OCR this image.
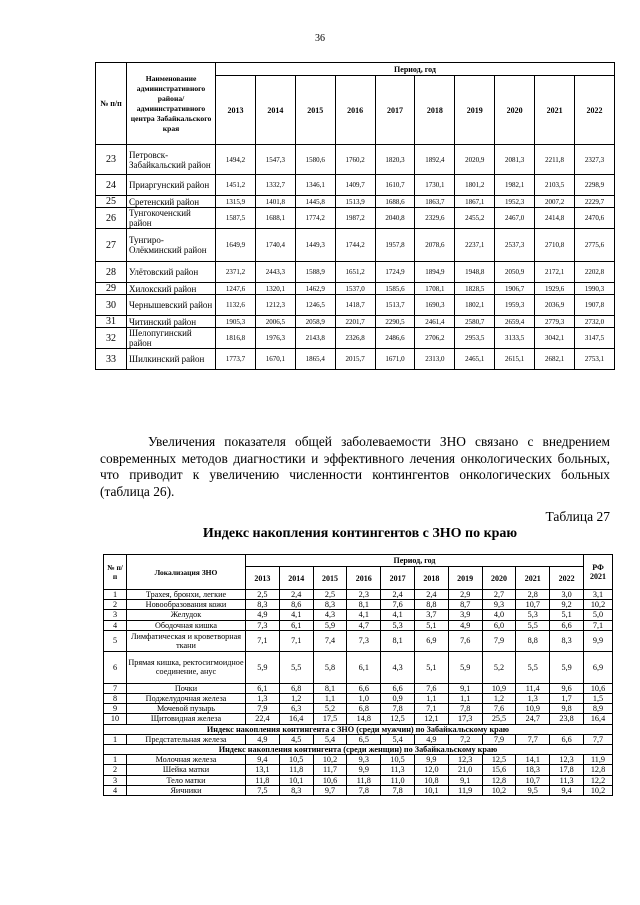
36
№ п/п	Наименование административного района/ административного центра Забайкальского края	Период, год									
		2013	2014	2015	2016	2017	2018	2019	2020	2021	2022
23	Петровск-Забайкальский район	1494,2	1547,3	1580,6	1760,2	1820,3	1892,4	2020,9	2081,3	2211,8	2327,3
24	Приаргунский район	1451,2	1332,7	1346,1	1409,7	1610,7	1730,1	1801,2	1982,1	2103,5	2298,9
25	Сретенский район	1315,9	1401,8	1445,8	1513,9	1688,6	1863,7	1867,1	1952,3	2007,2	2229,7
26	Тунгокоченский район	1587,5	1688,1	1774,2	1987,2	2040,8	2329,6	2455,2	2467,0	2414,8	2470,6
27	Тунгиро-Олёкминский район	1649,9	1740,4	1449,3	1744,2	1957,8	2078,6	2237,1	2537,3	2710,8	2775,6
28	Улётовский район	2371,2	2443,3	1588,9	1651,2	1724,9	1894,9	1948,8	2050,9	2172,1	2202,8
29	Хилокский район	1247,6	1320,1	1462,9	1537,0	1585,6	1708,1	1828,5	1906,7	1929,6	1990,3
30	Чернышевский район	1132,6	1212,3	1246,5	1418,7	1513,7	1690,3	1802,1	1959,3	2036,9	1907,8
31	Читинский район	1905,3	2006,5	2058,9	2201,7	2290,5	2461,4	2580,7	2659,4	2779,3	2732,0
32	Шелопугинский район	1816,8	1976,3	2143,8	2326,8	2486,6	2706,2	2953,5	3133,5	3042,1	3147,5
33	Шилкинский район	1773,7	1670,1	1865,4	2015,7	1671,0	2313,0	2465,1	2615,1	2682,1	2753,1
Увеличения показателя общей заболеваемости ЗНО связано с внедрением современных методов диагностики и эффективного лечения онкологических больных, что приводит к увеличению численности контингентов онкологических больных (таблица 26).
Таблица 27
Индекс накопления контингентов с ЗНО по краю
№ п/п	Локализация ЗНО	Период, год										РФ 2021
		2013	2014	2015	2016	2017	2018	2019	2020	2021	2022	
1	Трахея, бронхи, легкие	2,5	2,4	2,5	2,3	2,4	2,4	2,9	2,7	2,8	3,0	3,1
2	Новообразования кожи	8,3	8,6	8,3	8,1	7,6	8,8	8,7	9,3	10,7	9,2	10,2
3	Желудок	4,9	4,1	4,3	4,1	4,1	3,7	3,9	4,0	5,3	5,1	5,0
4	Ободочная кишка	7,3	6,1	5,9	4,7	5,3	5,1	4,9	6,0	5,5	6,6	7,1
5	Лимфатическая и кроветворная ткани	7,1	7,1	7,4	7,3	8,1	6,9	7,6	7,9	8,8	8,3	9,9
6	Прямая кишка, ректосигмоидное соединение, анус	5,9	5,5	5,8	6,1	4,3	5,1	5,9	5,2	5,5	5,9	6,9
7	Почки	6,1	6,8	8,1	6,6	6,6	7,6	9,1	10,9	11,4	9,6	10,6
8	Поджелудочная железа	1,3	1,2	1,1	1,0	0,9	1,1	1,1	1,2	1,3	1,7	1,5
9	Мочевой пузырь	7,9	6,3	5,2	6,8	7,8	7,1	7,8	7,6	10,9	9,8	8,9
10	Щитовидная железа	22,4	16,4	17,5	14,8	12,5	12,1	17,3	25,5	24,7	23,8	16,4
Индекс накопления контингента с ЗНО (среди мужчин) по Забайкальскому краю												
1	Предстательная железа	4,9	4,5	5,4	6,5	5,4	4,9	7,2	7,9	7,7	6,6	7,7
Индекс накопления контингента (среди женщин) по Забайкальскому краю												
1	Молочная железа	9,4	10,5	10,2	9,3	10,5	9,9	12,3	12,5	14,1	12,3	11,9
2	Шейка матки	13,1	11,8	11,7	9,9	11,3	12,0	21,0	15,6	18,3	17,8	12,8
3	Тело матки	11,8	10,1	10,6	11,8	11,0	10,8	9,1	12,8	10,7	11,3	12,2
4	Яичники	7,5	8,3	9,7	7,8	7,8	10,1	11,9	10,2	9,5	9,4	10,2
